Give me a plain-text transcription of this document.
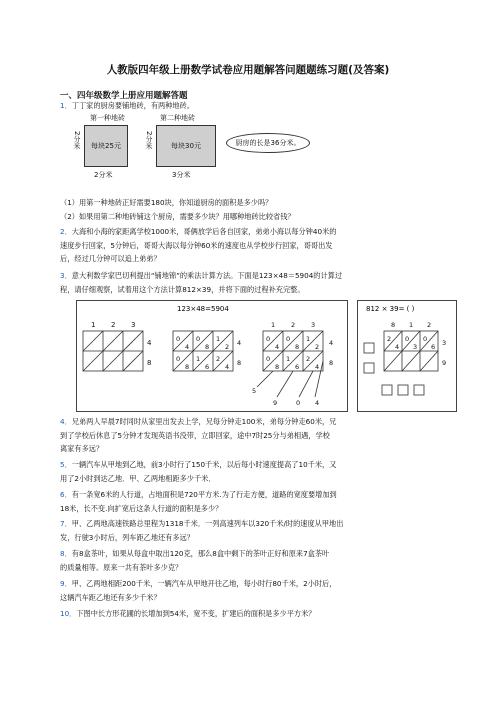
人教版四年级上册数学试卷应用题解答问题题练习题(及答案)
一、四年级数学上册应用题解答题
1．丁丁家的厨房要铺地砖，有两种地砖。
第一种地砖
每块25元
2分米
2分米
第二种地砖
每块30元
2分米
3分米
厨房的长是36分米。
（1）用第一种地砖正好需要180块，你知道厨房的面积是多少吗？
（2）如果用第二种地砖铺这个厨房，需要多少块？用哪种地砖比较省钱？
2．大海和小海的家距离学校1000米，哥俩放学后各自回家，弟弟小海以每分钟40米的
速度步行回家，5分钟后，哥哥大海以每分钟60米的速度也从学校步行回家，哥哥出发
后，经过几分钟可以追上弟弟？
3．意大利数学家巴切利提出“铺地锦”的乘法计算方法。下面是123×48＝5904的计算过
程，请仔细观察，试着用这个方法计算812×39，并将下面的过程补充完整。
123×48=5904
1 2 3
4
8
0
4
0
8
1
2
0
8
1
6
2
4
4
8
1 2 3
0
4
0
8
1
2
0
8
1
6
2
4
4
8
5
9	0 4
812 × 39= ( )
8 1 2
2
4
0
3
0
6 3
9
4．兄弟两人早晨7时同时从家里出发去上学，兄每分钟走100米，弟每分钟走60米，兄
到了学校后休息了5分钟才发现英语书没带，立即回家，途中7时25分与弟相遇，学校
离家有多远？
5．一辆汽车从甲地到乙地，前3小时行了150千米，以后每小时速度提高了10千米，又
用了2小时到达乙地．甲、乙两地相距多少千米．
6．有一条宽6米的人行道，占地面积是720平方米.为了行走方便，道路的宽度要增加到
18米，长不变.向扩宽后这条人行道的面积是多少？
7．甲、乙两地高速铁路总里程为1318千米．一列高速列车以320千米/时的速度从甲地出
发，行驶3小时后，列车距乙地还有多远？
8．有8盒茶叶，如果从每盒中取出120克，那么8盒中剩下的茶叶正好和原来7盒茶叶
的质量相等。原来一共有茶叶多少克？
9．甲、乙两地相距200千米，一辆汽车从甲地开往乙地，每小时行80千米，2小时后，
这辆汽车距乙地还有多少千米？
10．下图中长方形花圃的长增加到54米，宽不变，扩建后的面积是多少平方米？
